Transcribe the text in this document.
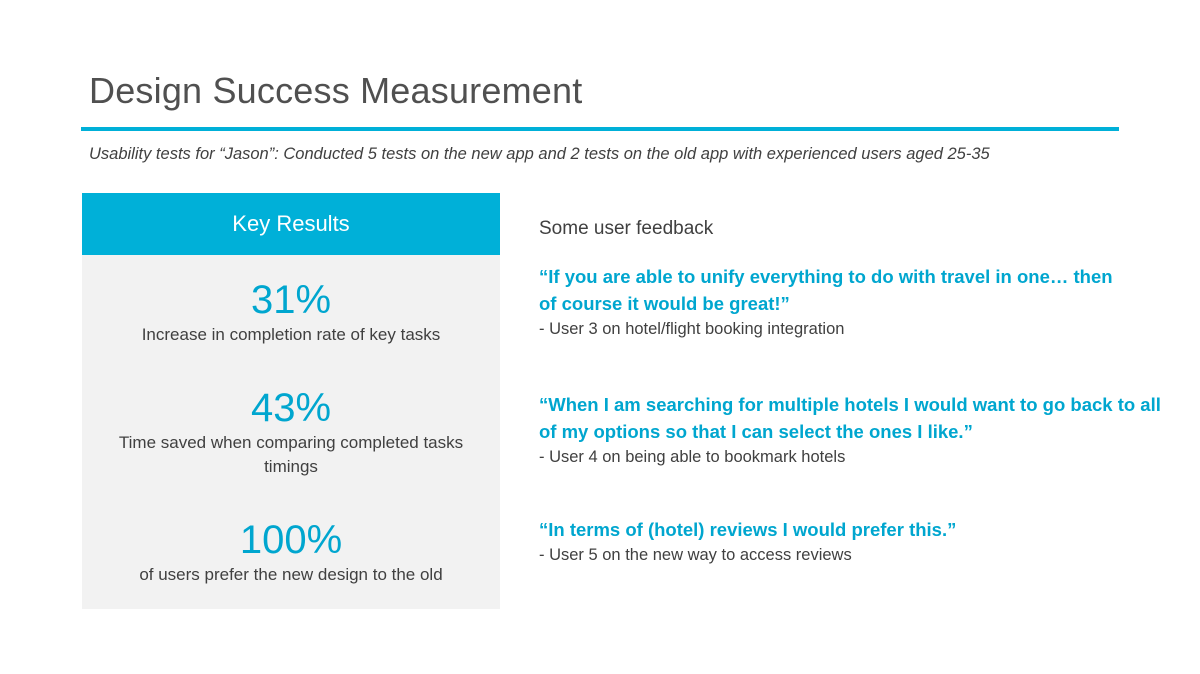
Design Success Measurement
Usability tests for “Jason”: Conducted 5 tests on the new app and 2 tests on the old app with experienced users aged 25-35
Key Results
31%
Increase in completion rate of key tasks
43%
Time saved when comparing completed tasks timings
100%
of users prefer the new design to the old

Some user feedback

“If you are able to unify everything to do with travel in one… then of course it would be great!”
- User 3 on hotel/flight booking integration
“When I am searching for multiple hotels I would want to go back to all of my options so that I can select the ones I like.”
- User 4 on being able to bookmark hotels
“In terms of (hotel) reviews I would prefer this.”
- User 5 on the new way to access reviews
